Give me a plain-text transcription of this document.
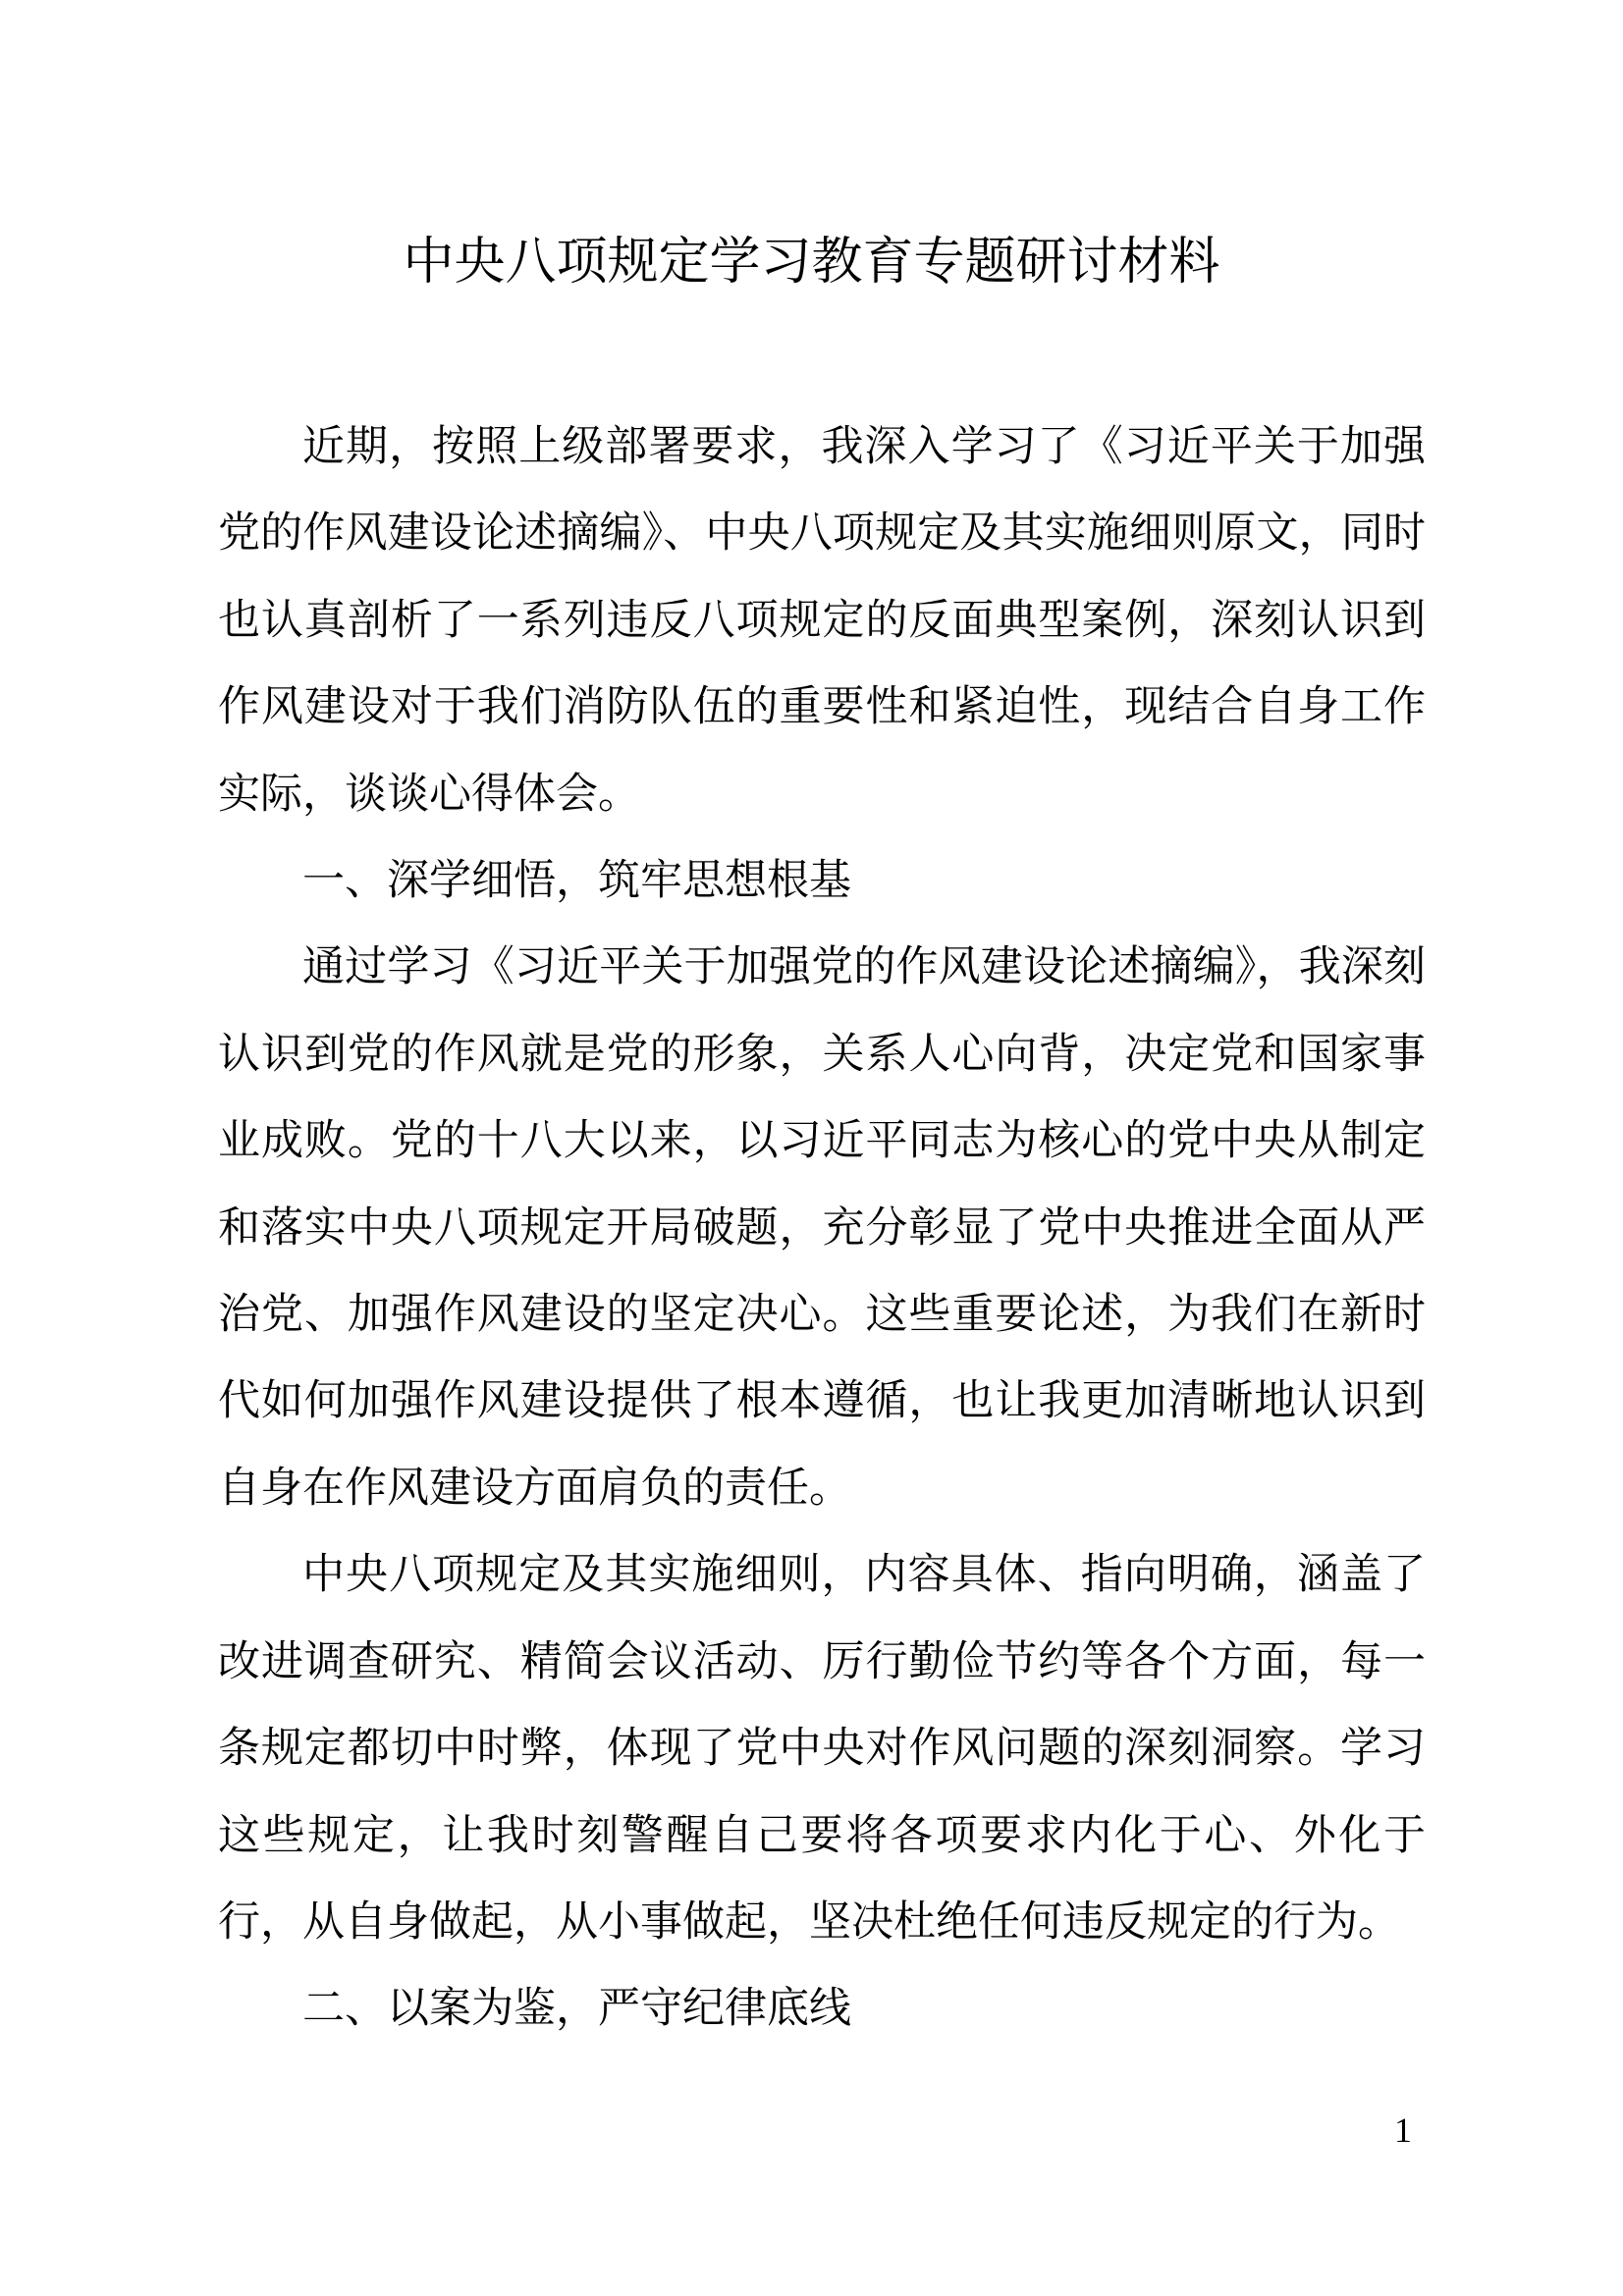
中央八项规定学习教育专题研讨材料

近期，按照上级部署要求，我深入学习了《习近平关于加强党的作风建设论述摘编》、中央八项规定及其实施细则原文，同时也认真剖析了一系列违反八项规定的反面典型案例，深刻认识到作风建设对于我们消防队伍的重要性和紧迫性，现结合自身工作实际，谈谈心得体会。

一、深学细悟，筑牢思想根基

通过学习《习近平关于加强党的作风建设论述摘编》，我深刻认识到党的作风就是党的形象，关系人心向背，决定党和国家事业成败。党的十八大以来，以习近平同志为核心的党中央从制定和落实中央八项规定开局破题，充分彰显了党中央推进全面从严治党、加强作风建设的坚定决心。这些重要论述，为我们在新时代如何加强作风建设提供了根本遵循，也让我更加清晰地认识到自身在作风建设方面肩负的责任。

中央八项规定及其实施细则，内容具体、指向明确，涵盖了改进调查研究、精简会议活动、厉行勤俭节约等各个方面，每一条规定都切中时弊，体现了党中央对作风问题的深刻洞察。学习这些规定，让我时刻警醒自己要将各项要求内化于心、外化于行，从自身做起，从小事做起，坚决杜绝任何违反规定的行为。

二、以案为鉴，严守纪律底线

1
